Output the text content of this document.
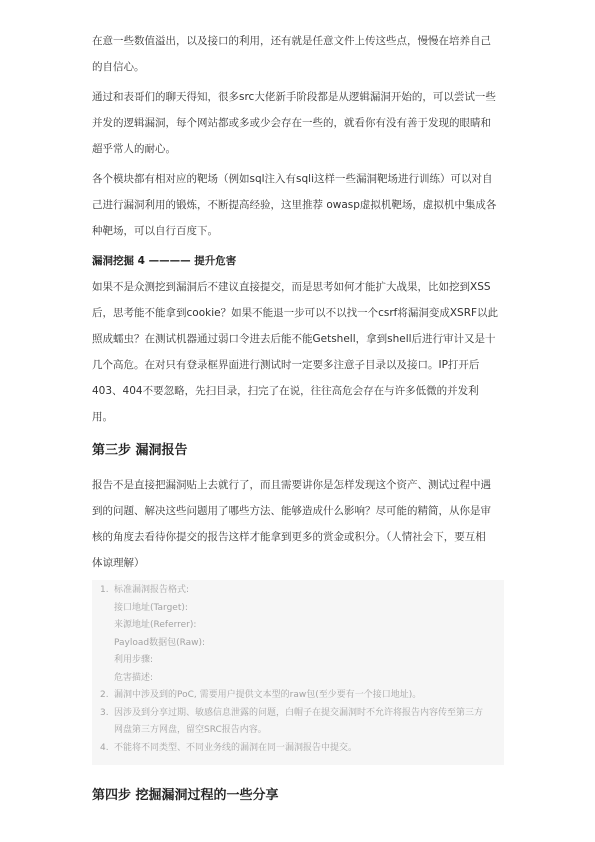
在意一些数值溢出，以及接口的利用，还有就是任意文件上传这些点，慢慢在培养自己
的自信心。

通过和表哥们的聊天得知，很多src大佬新手阶段都是从逻辑漏洞开始的，可以尝试一些
并发的逻辑漏洞，每个网站都或多或少会存在一些的，就看你有没有善于发现的眼睛和
超乎常人的耐心。

各个模块都有相对应的靶场（例如sql注入有sqli这样一些漏洞靶场进行训练）可以对自
己进行漏洞利用的锻炼，不断提高经验，这里推荐 owasp虚拟机靶场，虚拟机中集成各
种靶场，可以自行百度下。

漏洞挖掘 4 ———— 提升危害

如果不是众测挖到漏洞后不建议直接提交，而是思考如何才能扩大战果，比如挖到XSS
后，思考能不能拿到cookie？如果不能退一步可以不以找一个csrf将漏洞变成XSRF以此
照成蠕虫？在测试机器通过弱口令进去后能不能Getshell，拿到shell后进行审计又是十
几个高危。在对只有登录框界面进行测试时一定要多注意子目录以及接口。IP打开后
403、404不要忽略，先扫目录，扫完了在说，往往高危会存在与许多低微的并发利
用。

第三步 漏洞报告

报告不是直接把漏洞贴上去就行了，而且需要讲你是怎样发现这个资产、测试过程中遇
到的问题、解决这些问题用了哪些方法、能够造成什么影响？尽可能的精简，从你是审
核的角度去看待你提交的报告这样才能拿到更多的赏金或积分。（人情社会下，要互相
体谅理解）

1. 标准漏洞报告格式:
接口地址(Target):
来源地址(Referrer):
Payload数据包(Raw):
利用步骤:
危害描述:
2. 漏洞中涉及到的PoC, 需要用户提供文本型的raw包(至少要有一个接口地址)。
3. 因涉及到分享过期、敏感信息泄露的问题，白帽子在提交漏洞时不允许将报告内容传至第三方
网盘第三方网盘，留空SRC报告内容。
4. 不能将不同类型、不同业务线的漏洞在同一漏洞报告中提交。
第四步 挖掘漏洞过程的一些分享
